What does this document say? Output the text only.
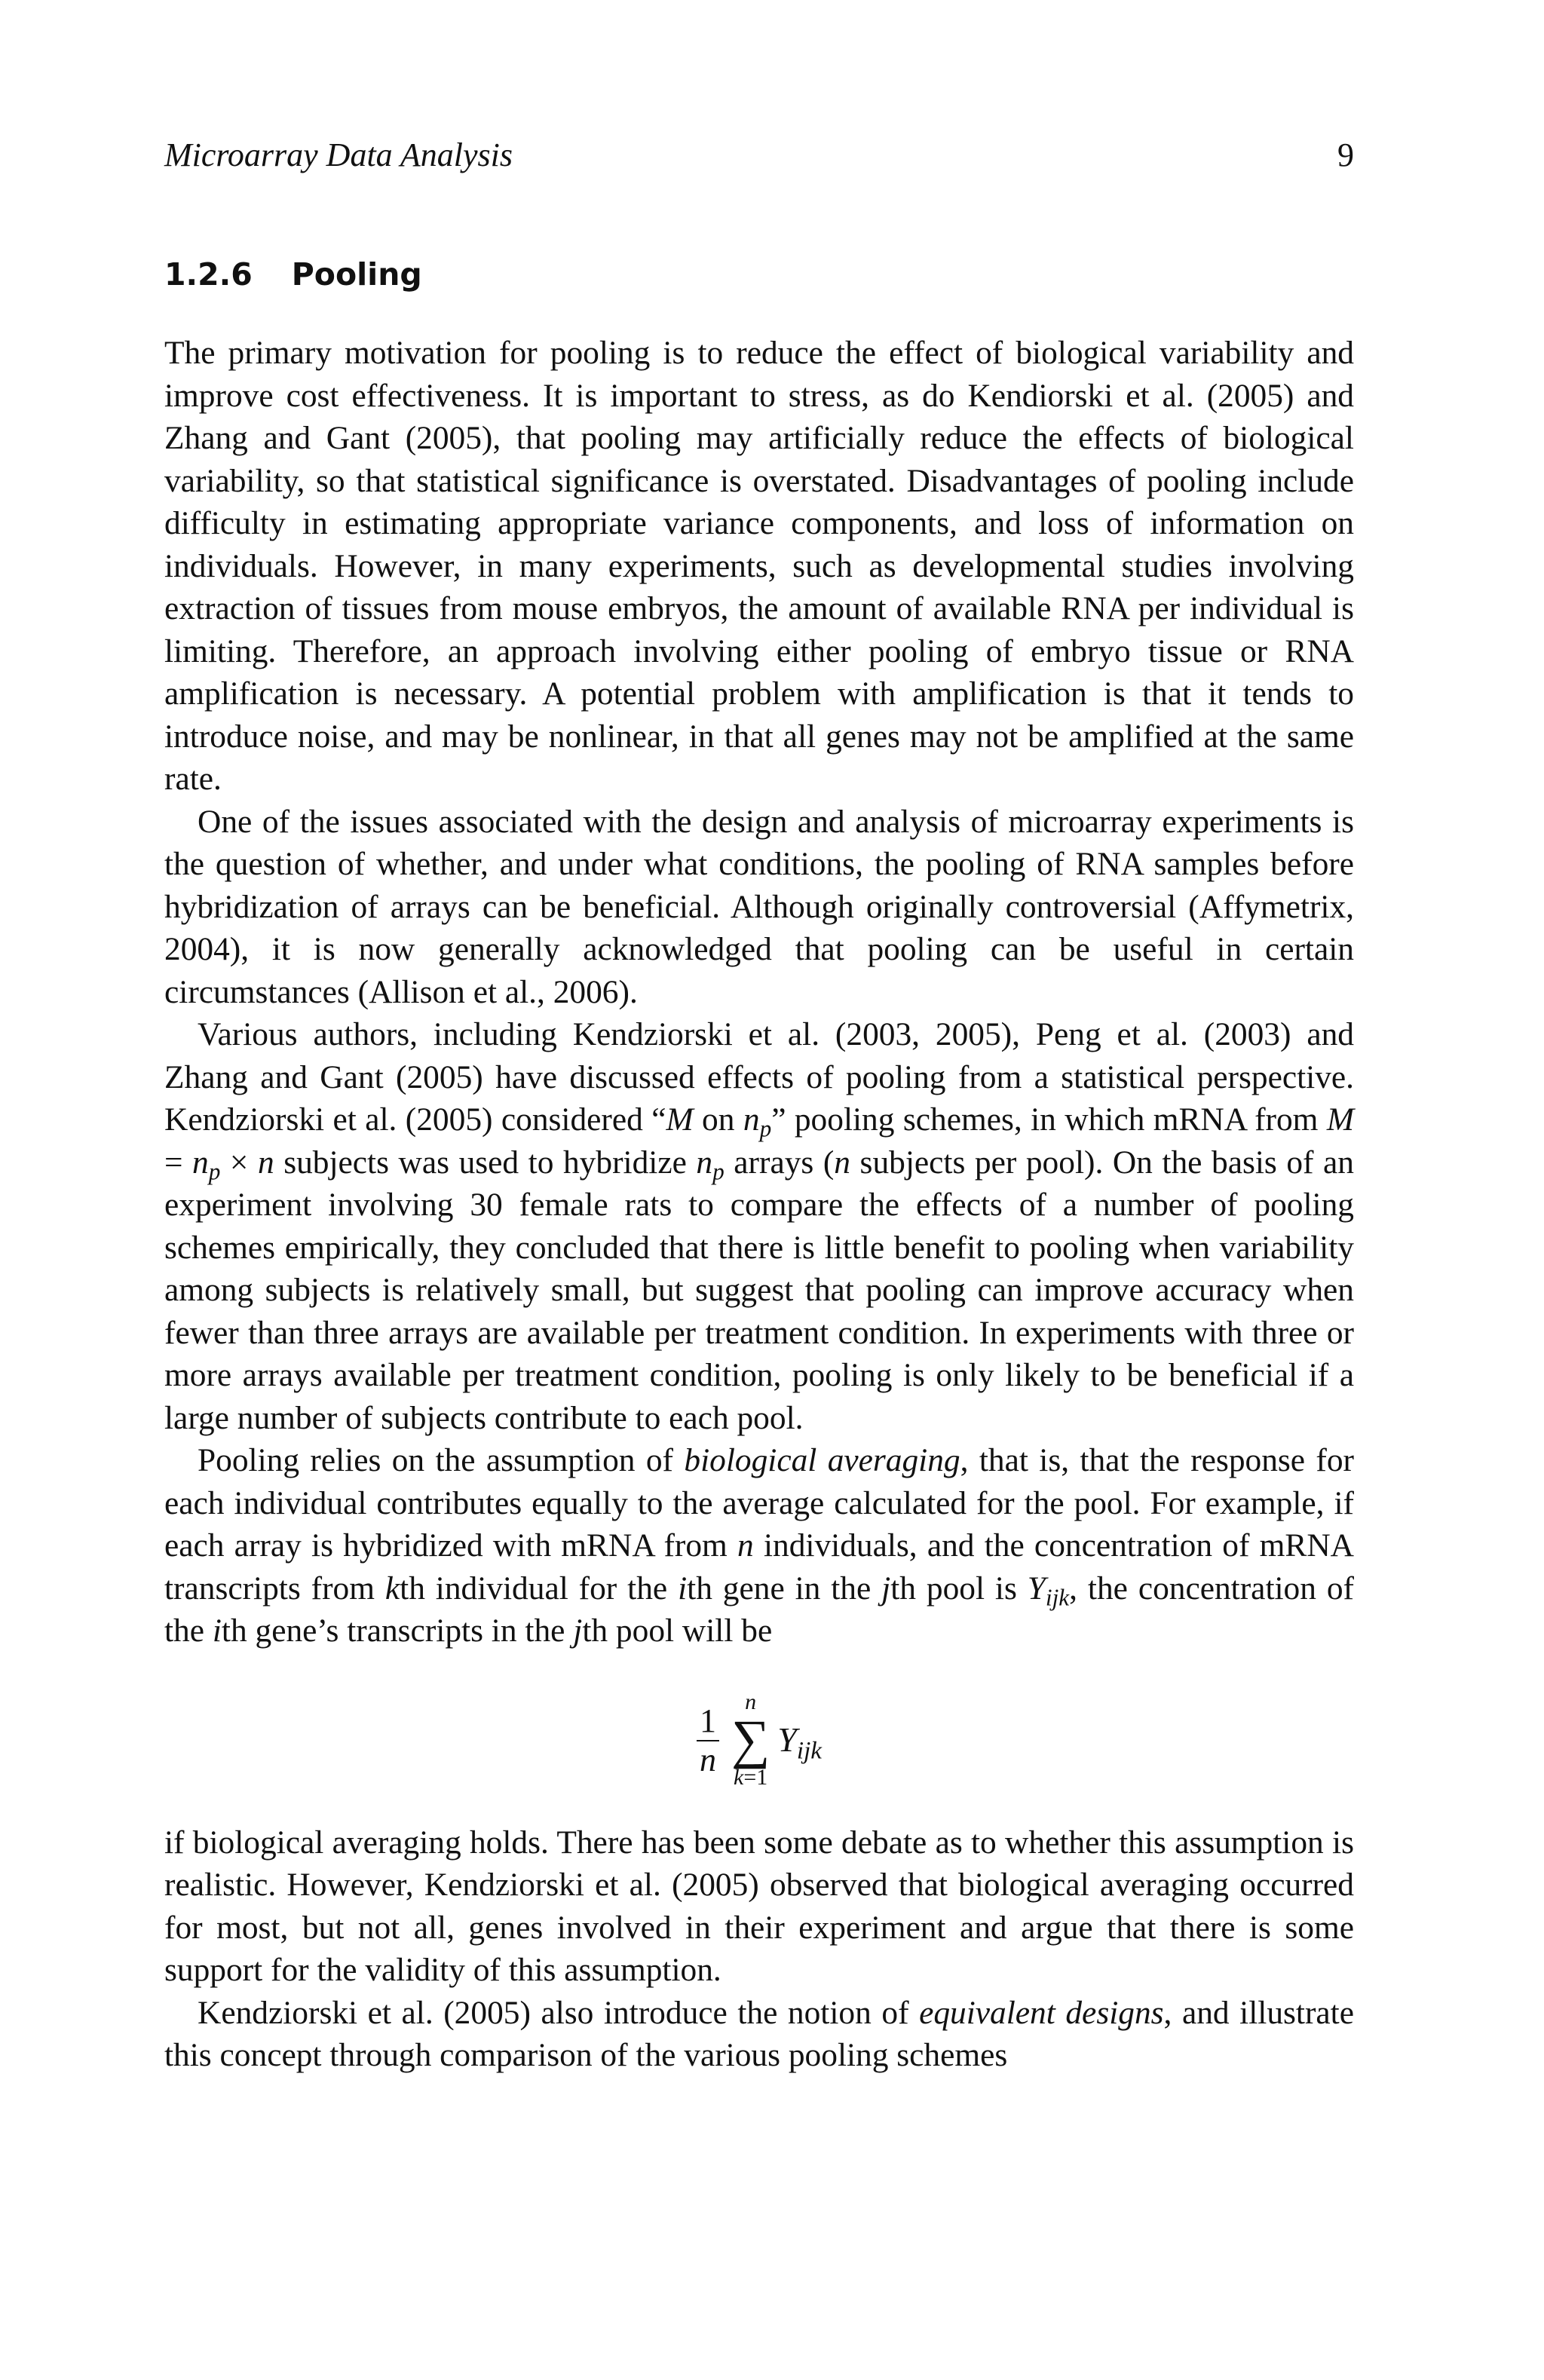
Microarray Data Analysis	9
1.2.6 Pooling

The primary motivation for pooling is to reduce the effect of biological variability and improve cost effectiveness. It is important to stress, as do Kendiorski et al. (2005) and Zhang and Gant (2005), that pooling may artificially reduce the effects of biological variability, so that statistical significance is overstated. Disadvantages of pooling include difficulty in estimating appropriate variance components, and loss of information on individuals. However, in many experiments, such as developmental studies involving extraction of tissues from mouse embryos, the amount of available RNA per individual is limiting. Therefore, an approach involving either pooling of embryo tissue or RNA amplification is necessary. A potential problem with amplification is that it tends to introduce noise, and may be nonlinear, in that all genes may not be amplified at the same rate.

One of the issues associated with the design and analysis of microarray experiments is the question of whether, and under what conditions, the pooling of RNA samples before hybridization of arrays can be beneficial. Although originally controversial (Affymetrix, 2004), it is now generally acknowledged that pooling can be useful in certain circumstances (Allison et al., 2006).

Various authors, including Kendziorski et al. (2003, 2005), Peng et al. (2003) and Zhang and Gant (2005) have discussed effects of pooling from a statistical perspective. Kendziorski et al. (2005) considered “M on $n_p$” pooling schemes, in which mRNA from $M = n_p \times n$ subjects was used to hybridize $n_p$ arrays (n subjects per pool). On the basis of an experiment involving 30 female rats to compare the effects of a number of pooling schemes empirically, they concluded that there is little benefit to pooling when variability among subjects is relatively small, but suggest that pooling can improve accuracy when fewer than three arrays are available per treatment condition. In experiments with three or more arrays available per treatment condition, pooling is only likely to be beneficial if a large number of subjects contribute to each pool.

Pooling relies on the assumption of biological averaging, that is, that the response for each individual contributes equally to the average calculated for the pool. For example, if each array is hybridized with mRNA from n individuals, and the concentration of mRNA transcripts from kth individual for the ith gene in the jth pool is $Y_{ijk}$, the concentration of the ith gene’s transcripts in the jth pool will be

$\frac{1}{n}$
n
∑
k=1
$Y_{ijk}$

if biological averaging holds. There has been some debate as to whether this assumption is realistic. However, Kendziorski et al. (2005) observed that biological averaging occurred for most, but not all, genes involved in their experiment and argue that there is some support for the validity of this assumption.

Kendziorski et al. (2005) also introduce the notion of equivalent designs, and illustrate this concept through comparison of the various pooling schemes
